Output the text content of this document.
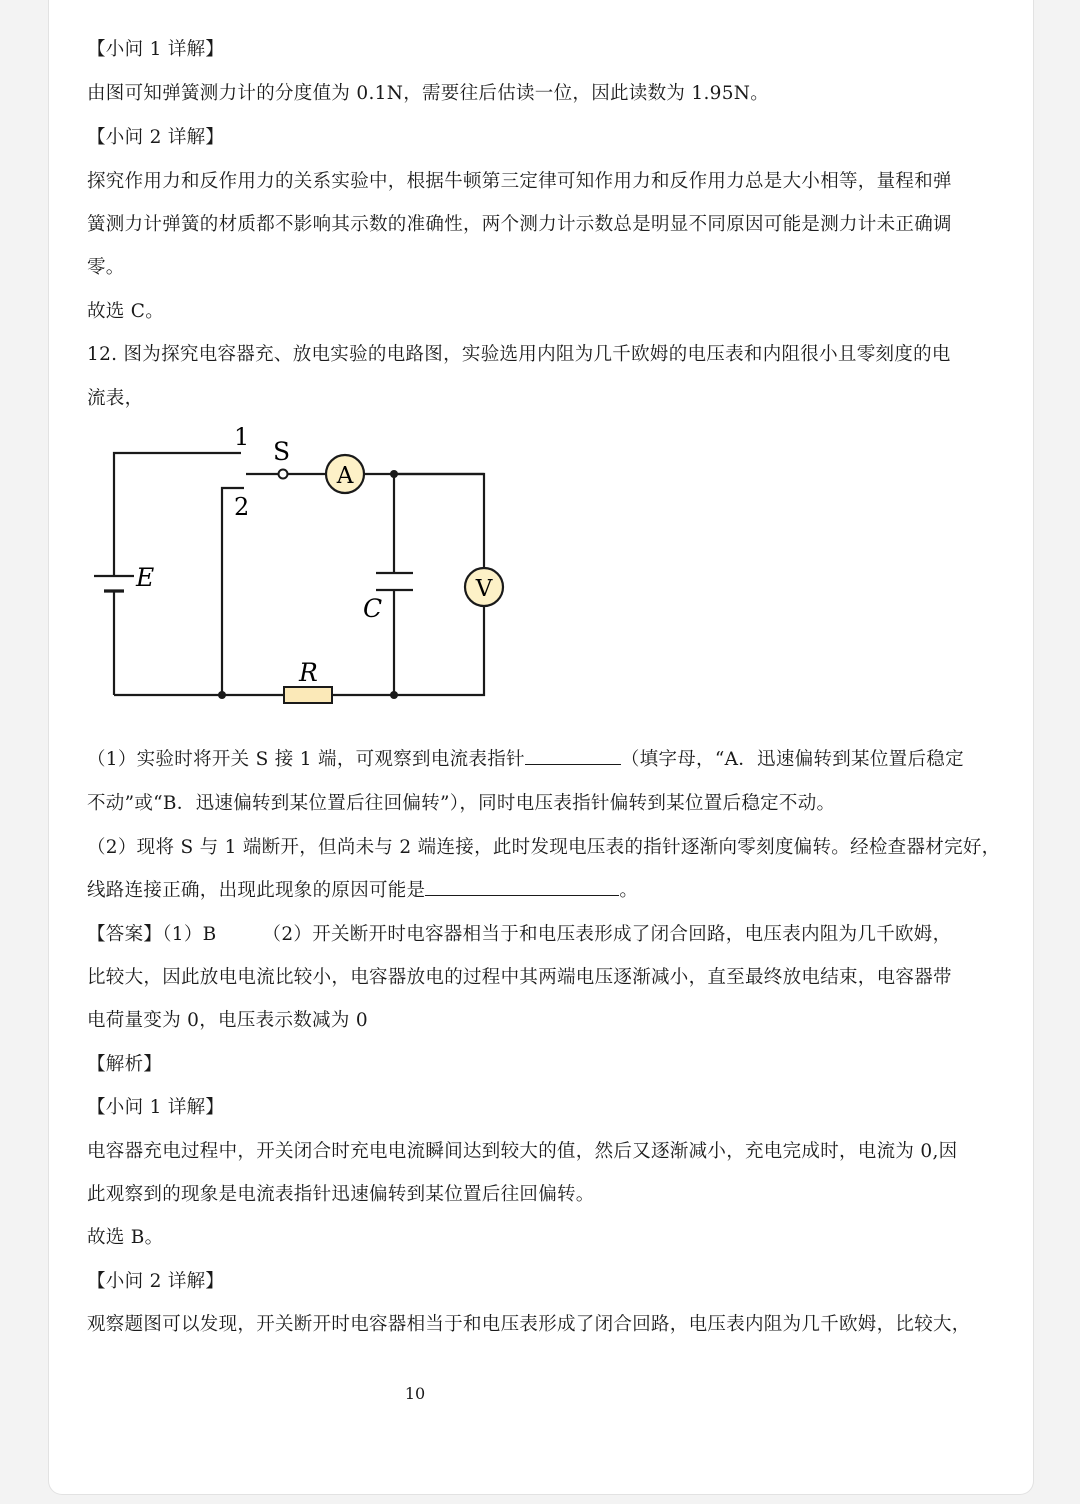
【小问 1 详解】

由图可知弹簧测力计的分度值为 0.1N，需要往后估读一位，因此读数为 1.95N。

【小问 2 详解】

探究作用力和反作用力的关系实验中，根据牛顿第三定律可知作用力和反作用力总是大小相等，量程和弹

簧测力计弹簧的材质都不影响其示数的准确性，两个测力计示数总是明显不同原因可能是测力计未正确调

零。

故选 C。

12. 图为探究电容器充、放电实验的电路图，实验选用内阻为几千欧姆的电压表和内阻很小且零刻度的电

流表，

A
V
1
2
S
E
C
R

（1）实验时将开关 S 接 1 端，可观察到电流表指针	（填字母，“A．迅速偏转到某位置后稳定

不动”或“B．迅速偏转到某位置后往回偏转”），同时电压表指针偏转到某位置后稳定不动。

（2）现将 S 与 1 端断开，但尚未与 2 端连接，此时发现电压表的指针逐渐向零刻度偏转。经检查器材完好，

线路连接正确，出现此现象的原因可能是	。

【答案】（1）B （2）开关断开时电容器相当于和电压表形成了闭合回路，电压表内阻为几千欧姆，

比较大，因此放电电流比较小，电容器放电的过程中其两端电压逐渐减小，直至最终放电结束，电容器带

电荷量变为 0，电压表示数减为 0

【解析】

【小问 1 详解】

电容器充电过程中，开关闭合时充电电流瞬间达到较大的值，然后又逐渐减小，充电完成时，电流为 0,因

此观察到的现象是电流表指针迅速偏转到某位置后往回偏转。

故选 B。

【小问 2 详解】

观察题图可以发现，开关断开时电容器相当于和电压表形成了闭合回路，电压表内阻为几千欧姆，比较大，

10
